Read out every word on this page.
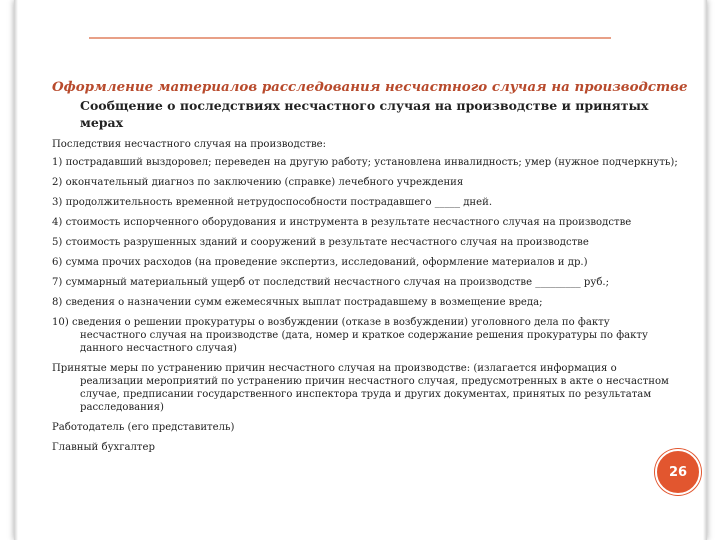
Оформление материалов расследования несчастного случая на производстве
Сообщение о последствиях несчастного случая на производстве и принятых мерах

Последствия несчастного случая на производстве:

1) пострадавший выздоровел; переведен на другую работу; установлена инвалидность; умер (нужное подчеркнуть);

2) окончательный диагноз по заключению (справке) лечебного учреждения

3) продолжительность временной нетрудоспособности пострадавшего _____ дней.

4) стоимость испорченного оборудования и инструмента в результате несчастного случая на производстве

5) стоимость разрушенных зданий и сооружений в результате несчастного случая на производстве

6) сумма прочих расходов (на проведение экспертиз, исследований, оформление материалов и др.)

7) суммарный материальный ущерб от последствий несчастного случая на производстве _________ руб.;

8) сведения о назначении сумм ежемесячных выплат пострадавшему в возмещение вреда;

10) сведения о решении прокуратуры о возбуждении (отказе в возбуждении) уголовного дела по факту несчастного случая на производстве (дата, номер и краткое содержание решения прокуратуры по факту данного несчастного случая)

Принятые меры по устранению причин несчастного случая на производстве: (излагается информация о реализации мероприятий по устранению причин несчастного случая, предусмотренных в акте о несчастном случае, предписании государственного инспектора труда и других документах, принятых по результатам расследования)

Работодатель (его представитель)

Главный бухгалтер

26
